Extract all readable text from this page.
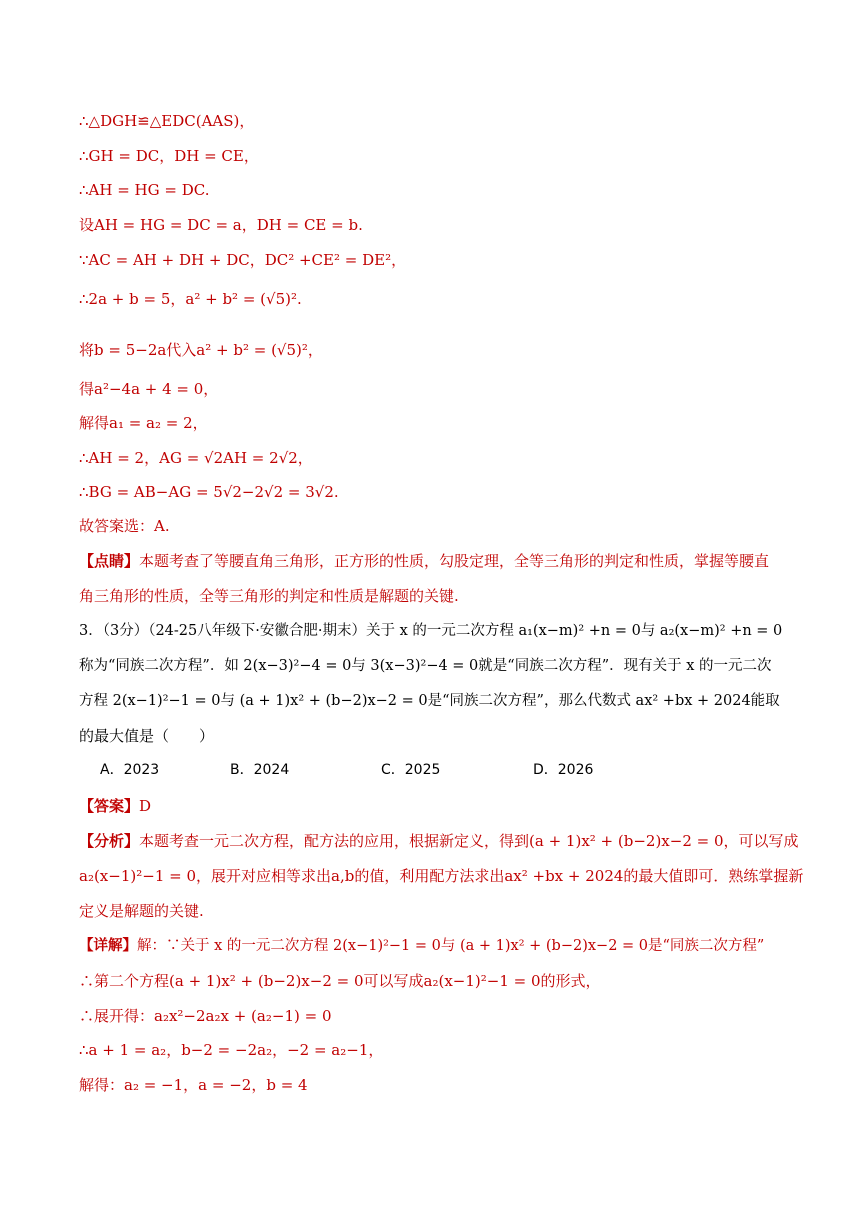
∴△DGH≌△EDC(AAS)，
∴GH = DC，DH = CE，
∴AH = HG = DC.
设AH = HG = DC = a，DH = CE = b.
∵AC = AH + DH + DC，DC² +CE² = DE²，
∴2a + b = 5，a² + b² = (√5)².
将b = 5−2a代入a² + b² = (√5)²，
得a²−4a + 4 = 0，
解得a₁ = a₂ = 2，
∴AH = 2，AG = √2AH = 2√2，
∴BG = AB−AG = 5√2−2√2 = 3√2.
故答案选：A.
【点睛】本题考查了等腰直角三角形，正方形的性质，勾股定理，全等三角形的判定和性质，掌握等腰直
角三角形的性质，全等三角形的判定和性质是解题的关键.
3．（3分）（24-25八年级下·安徽合肥·期末）关于 x 的一元二次方程 a₁(x−m)² +n = 0与 a₂(x−m)² +n = 0
称为“同族二次方程”．如 2(x−3)²−4 = 0与 3(x−3)²−4 = 0就是“同族二次方程”．现有关于 x 的一元二次
方程 2(x−1)²−1 = 0与 (a + 1)x² + (b−2)x−2 = 0是“同族二次方程”，那么代数式 ax² +bx + 2024能取
的最大值是（　　）
A．2023	B．2024	C．2025	D．2026
【答案】D
【分析】本题考查一元二次方程，配方法的应用，根据新定义，得到(a + 1)x² + (b−2)x−2 = 0，可以写成
a₂(x−1)²−1 = 0，展开对应相等求出a,b的值，利用配方法求出ax² +bx + 2024的最大值即可．熟练掌握新
定义是解题的关键.
【详解】解：∵关于 x 的一元二次方程 2(x−1)²−1 = 0与 (a + 1)x² + (b−2)x−2 = 0是“同族二次方程”
∴第二个方程(a + 1)x² + (b−2)x−2 = 0可以写成a₂(x−1)²−1 = 0的形式，
∴展开得：a₂x²−2a₂x + (a₂−1) = 0
∴a + 1 = a₂，b−2 = −2a₂，−2 = a₂−1，
解得：a₂ = −1，a = −2，b = 4
